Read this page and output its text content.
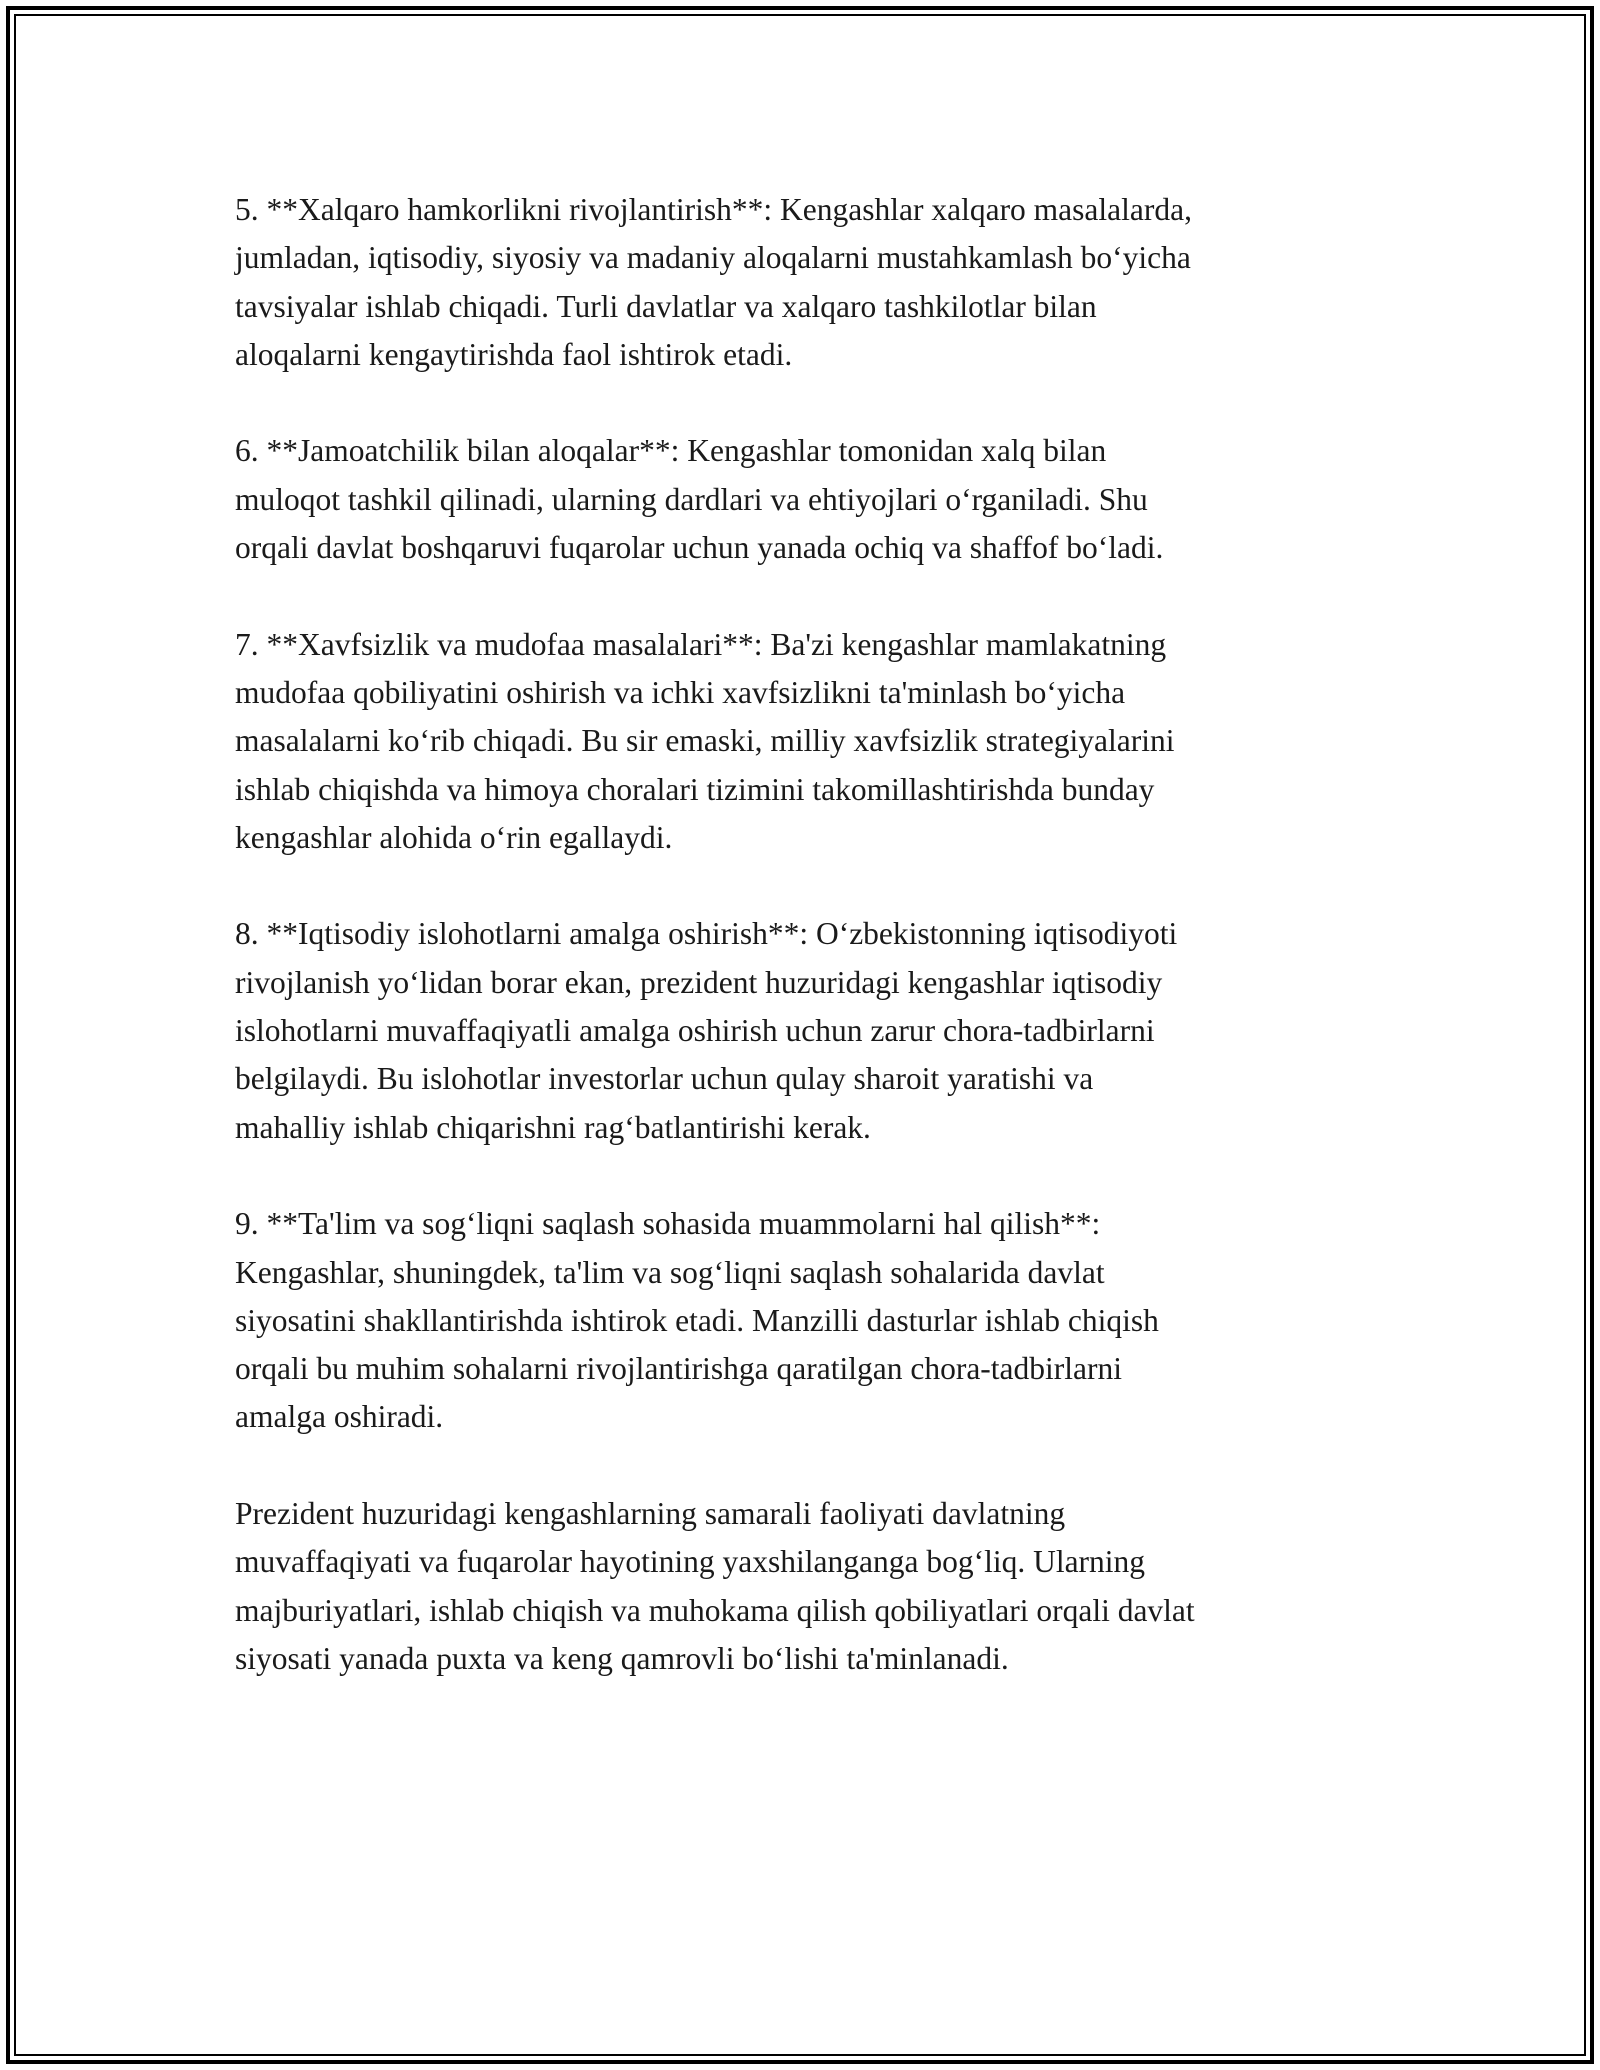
5. **Xalqaro hamkorlikni rivojlantirish**: Kengashlar xalqaro masalalarda,
jumladan, iqtisodiy, siyosiy va madaniy aloqalarni mustahkamlash bo‘yicha
tavsiyalar ishlab chiqadi. Turli davlatlar va xalqaro tashkilotlar bilan
aloqalarni kengaytirishda faol ishtirok etadi.

6. **Jamoatchilik bilan aloqalar**: Kengashlar tomonidan xalq bilan
muloqot tashkil qilinadi, ularning dardlari va ehtiyojlari o‘rganiladi. Shu
orqali davlat boshqaruvi fuqarolar uchun yanada ochiq va shaffof bo‘ladi.

7. **Xavfsizlik va mudofaa masalalari**: Ba'zi kengashlar mamlakatning
mudofaa qobiliyatini oshirish va ichki xavfsizlikni ta'minlash bo‘yicha
masalalarni ko‘rib chiqadi. Bu sir emaski, milliy xavfsizlik strategiyalarini
ishlab chiqishda va himoya choralari tizimini takomillashtirishda bunday
kengashlar alohida o‘rin egallaydi.

8. **Iqtisodiy islohotlarni amalga oshirish**: O‘zbekistonning iqtisodiyoti
rivojlanish yo‘lidan borar ekan, prezident huzuridagi kengashlar iqtisodiy
islohotlarni muvaffaqiyatli amalga oshirish uchun zarur chora-tadbirlarni
belgilaydi. Bu islohotlar investorlar uchun qulay sharoit yaratishi va
mahalliy ishlab chiqarishni rag‘batlantirishi kerak.

9. **Ta'lim va sog‘liqni saqlash sohasida muammolarni hal qilish**:
Kengashlar, shuningdek, ta'lim va sog‘liqni saqlash sohalarida davlat
siyosatini shakllantirishda ishtirok etadi. Manzilli dasturlar ishlab chiqish
orqali bu muhim sohalarni rivojlantirishga qaratilgan chora-tadbirlarni
amalga oshiradi.

Prezident huzuridagi kengashlarning samarali faoliyati davlatning
muvaffaqiyati va fuqarolar hayotining yaxshilanganga bog‘liq. Ularning
majburiyatlari, ishlab chiqish va muhokama qilish qobiliyatlari orqali davlat
siyosati yanada puxta va keng qamrovli bo‘lishi ta'minlanadi.
